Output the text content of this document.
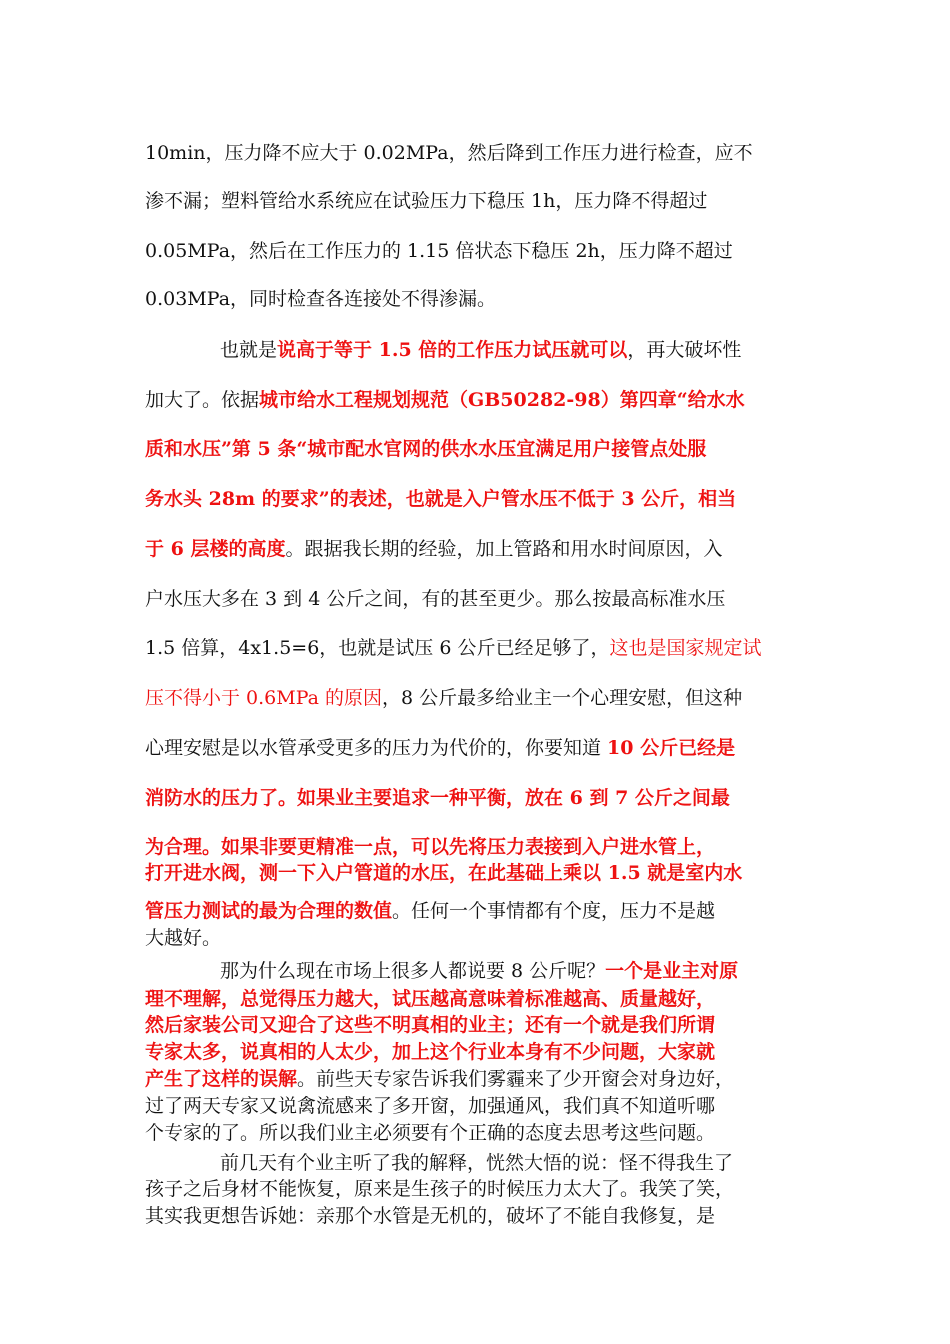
10min，压力降不应大于 0.02MPa，然后降到工作压力进行检查，应不
渗不漏；塑料管给水系统应在试验压力下稳压 1h，压力降不得超过
0.05MPa，然后在工作压力的 1.15 倍状态下稳压 2h，压力降不超过
0.03MPa，同时检查各连接处不得渗漏。
也就是说高于等于 1.5 倍的工作压力试压就可以，再大破坏性
加大了。依据城市给水工程规划规范（GB50282-98）第四章“给水水
质和水压”第 5 条“城市配水官网的供水水压宜满足用户接管点处服
务水头 28m 的要求”的表述，也就是入户管水压不低于 3 公斤，相当
于 6 层楼的高度。跟据我长期的经验，加上管路和用水时间原因，入
户水压大多在 3 到 4 公斤之间，有的甚至更少。那么按最高标准水压
1.5 倍算，4x1.5=6，也就是试压 6 公斤已经足够了，这也是国家规定试
压不得小于 0.6MPa 的原因，8 公斤最多给业主一个心理安慰，但这种
心理安慰是以水管承受更多的压力为代价的，你要知道 10 公斤已经是
消防水的压力了。如果业主要追求一种平衡，放在 6 到 7 公斤之间最
为合理。如果非要更精准一点，可以先将压力表接到入户进水管上，
打开进水阀，测一下入户管道的水压，在此基础上乘以 1.5 就是室内水
管压力测试的最为合理的数值。任何一个事情都有个度，压力不是越
大越好。
那为什么现在市场上很多人都说要 8 公斤呢？一个是业主对原
理不理解，总觉得压力越大，试压越高意味着标准越高、质量越好，
然后家装公司又迎合了这些不明真相的业主；还有一个就是我们所谓
专家太多，说真相的人太少，加上这个行业本身有不少问题，大家就
产生了这样的误解。前些天专家告诉我们雾霾来了少开窗会对身边好，
过了两天专家又说禽流感来了多开窗，加强通风，我们真不知道听哪
个专家的了。所以我们业主必须要有个正确的态度去思考这些问题。
前几天有个业主听了我的解释，恍然大悟的说：怪不得我生了
孩子之后身材不能恢复，原来是生孩子的时候压力太大了。我笑了笑，
其实我更想告诉她：亲那个水管是无机的，破坏了不能自我修复，是
